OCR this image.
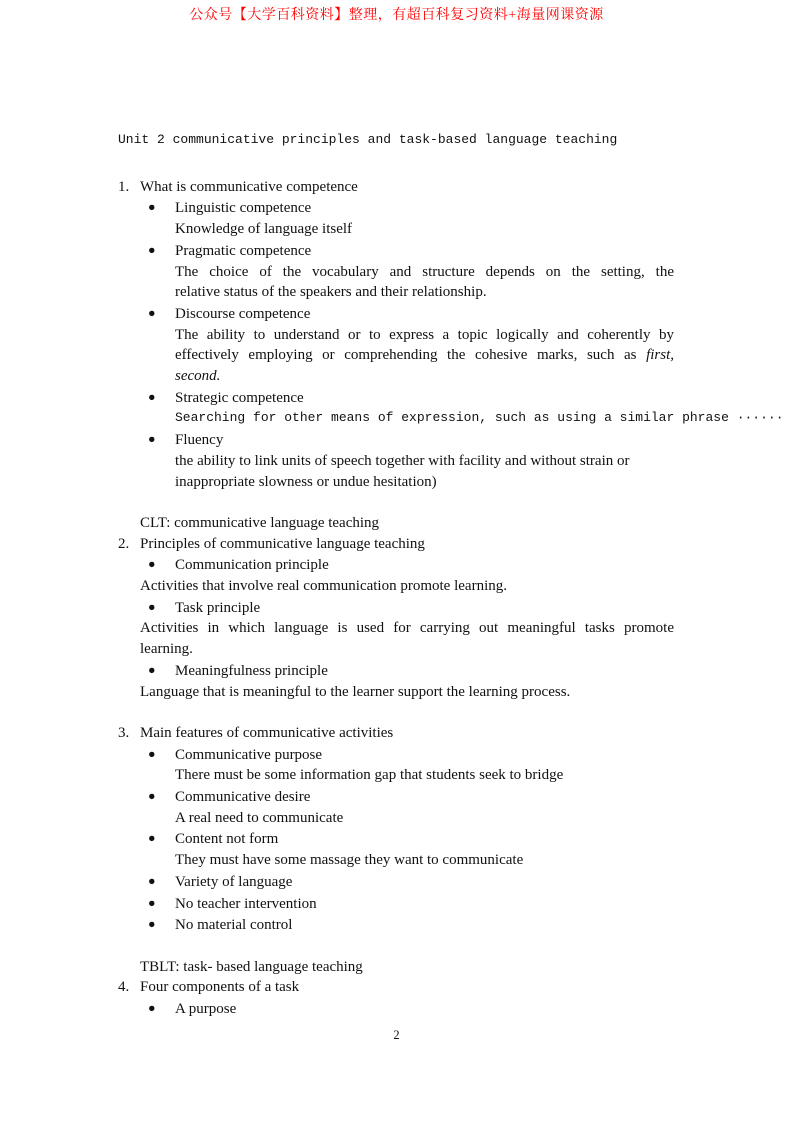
公众号【大学百科资料】整理，有超百科复习资料+海量网课资源
Unit 2 communicative principles and task-based language teaching
1. What is communicative competence
● Linguistic competence
Knowledge of language itself
● Pragmatic competence
The choice of the vocabulary and structure depends on the setting, the
relative status of the speakers and their relationship.
● Discourse competence
The ability to understand or to express a topic logically and coherently by
effectively employing or comprehending the cohesive marks, such as first,
second.
● Strategic competence
Searching for other means of expression, such as using a similar phrase ······
● Fluency
the ability to link units of speech together with facility and without strain or
inappropriate slowness or undue hesitation)
CLT: communicative language teaching
2. Principles of communicative language teaching
● Communication principle
Activities that involve real communication promote learning.
● Task principle
Activities in which language is used for carrying out meaningful tasks promote
learning.
● Meaningfulness principle
Language that is meaningful to the learner support the learning process.
3. Main features of communicative activities
● Communicative purpose
There must be some information gap that students seek to bridge
● Communicative desire
A real need to communicate
● Content not form
They must have some massage they want to communicate
● Variety of language
● No teacher intervention
● No material control
TBLT: task- based language teaching
4. Four components of a task
● A purpose
2
